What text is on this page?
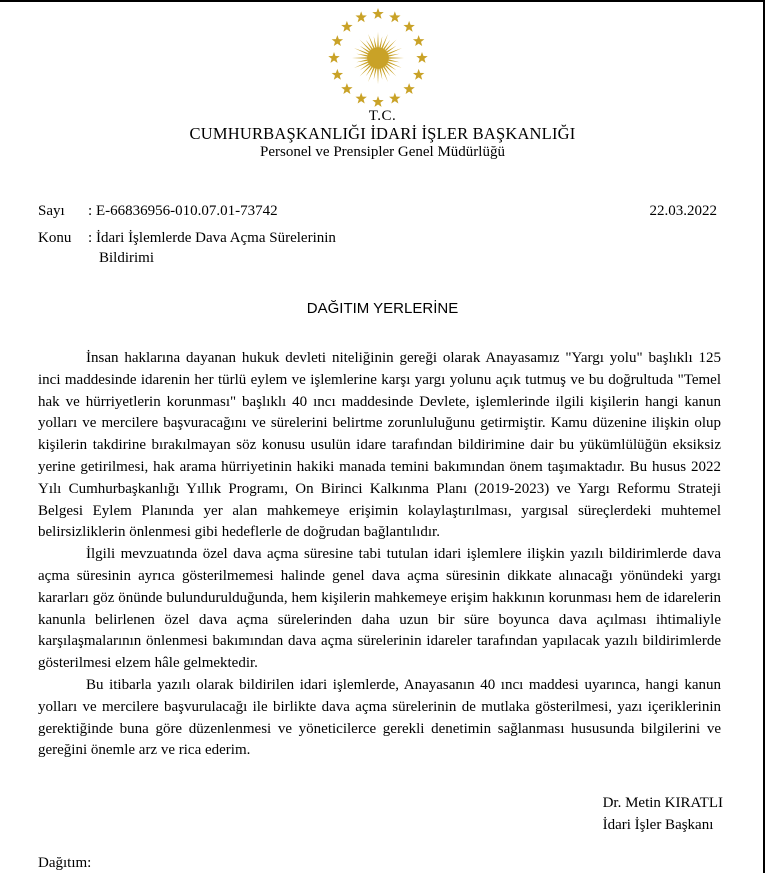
T.C.
CUMHURBAŞKANLIĞI İDARİ İŞLER BAŞKANLIĞI
Personel ve Prensipler Genel Müdürlüğü
Sayı	: E-66836956-010.07.01-73742	22.03.2022
Konu	: İdari İşlemlerde Dava Açma Sürelerinin
Bildirimi
DAĞITIM YERLERİNE

İnsan haklarına dayanan hukuk devleti niteliğinin gereği olarak Anayasamız "Yargı yolu" başlıklı 125 inci maddesinde idarenin her türlü eylem ve işlemlerine karşı yargı yolunu açık tutmuş ve bu doğrultuda "Temel hak ve hürriyetlerin korunması" başlıklı 40 ıncı maddesinde Devlete, işlemlerinde ilgili kişilerin hangi kanun yolları ve mercilere başvuracağını ve sürelerini belirtme zorunluluğunu getirmiştir. Kamu düzenine ilişkin olup kişilerin takdirine bırakılmayan söz konusu usulün idare tarafından bildirimine dair bu yükümlülüğün eksiksiz yerine getirilmesi, hak arama hürriyetinin hakiki manada temini bakımından önem taşımaktadır. Bu husus 2022 Yılı Cumhurbaşkanlığı Yıllık Programı, On Birinci Kalkınma Planı (2019-2023) ve Yargı Reformu Strateji Belgesi Eylem Planında yer alan mahkemeye erişimin kolaylaştırılması, yargısal süreçlerdeki muhtemel belirsizliklerin önlenmesi gibi hedeflerle de doğrudan bağlantılıdır.

İlgili mevzuatında özel dava açma süresine tabi tutulan idari işlemlere ilişkin yazılı bildirimlerde dava açma süresinin ayrıca gösterilmemesi halinde genel dava açma süresinin dikkate alınacağı yönündeki yargı kararları göz önünde bulundurulduğunda, hem kişilerin mahkemeye erişim hakkının korunması hem de idarelerin kanunla belirlenen özel dava açma sürelerinden daha uzun bir süre boyunca dava açılması ihtimaliyle karşılaşmalarının önlenmesi bakımından dava açma sürelerinin idareler tarafından yapılacak yazılı bildirimlerde gösterilmesi elzem hâle gelmektedir.

Bu itibarla yazılı olarak bildirilen idari işlemlerde, Anayasanın 40 ıncı maddesi uyarınca, hangi kanun yolları ve mercilere başvurulacağı ile birlikte dava açma sürelerinin de mutlaka gösterilmesi, yazı içeriklerinin gerektiğinde buna göre düzenlenmesi ve yöneticilerce gerekli denetimin sağlanması hususunda bilgilerini ve gereğini önemle arz ve rica ederim.

Dr. Metin KIRATLI
İdari İşler Başkanı
Dağıtım:
